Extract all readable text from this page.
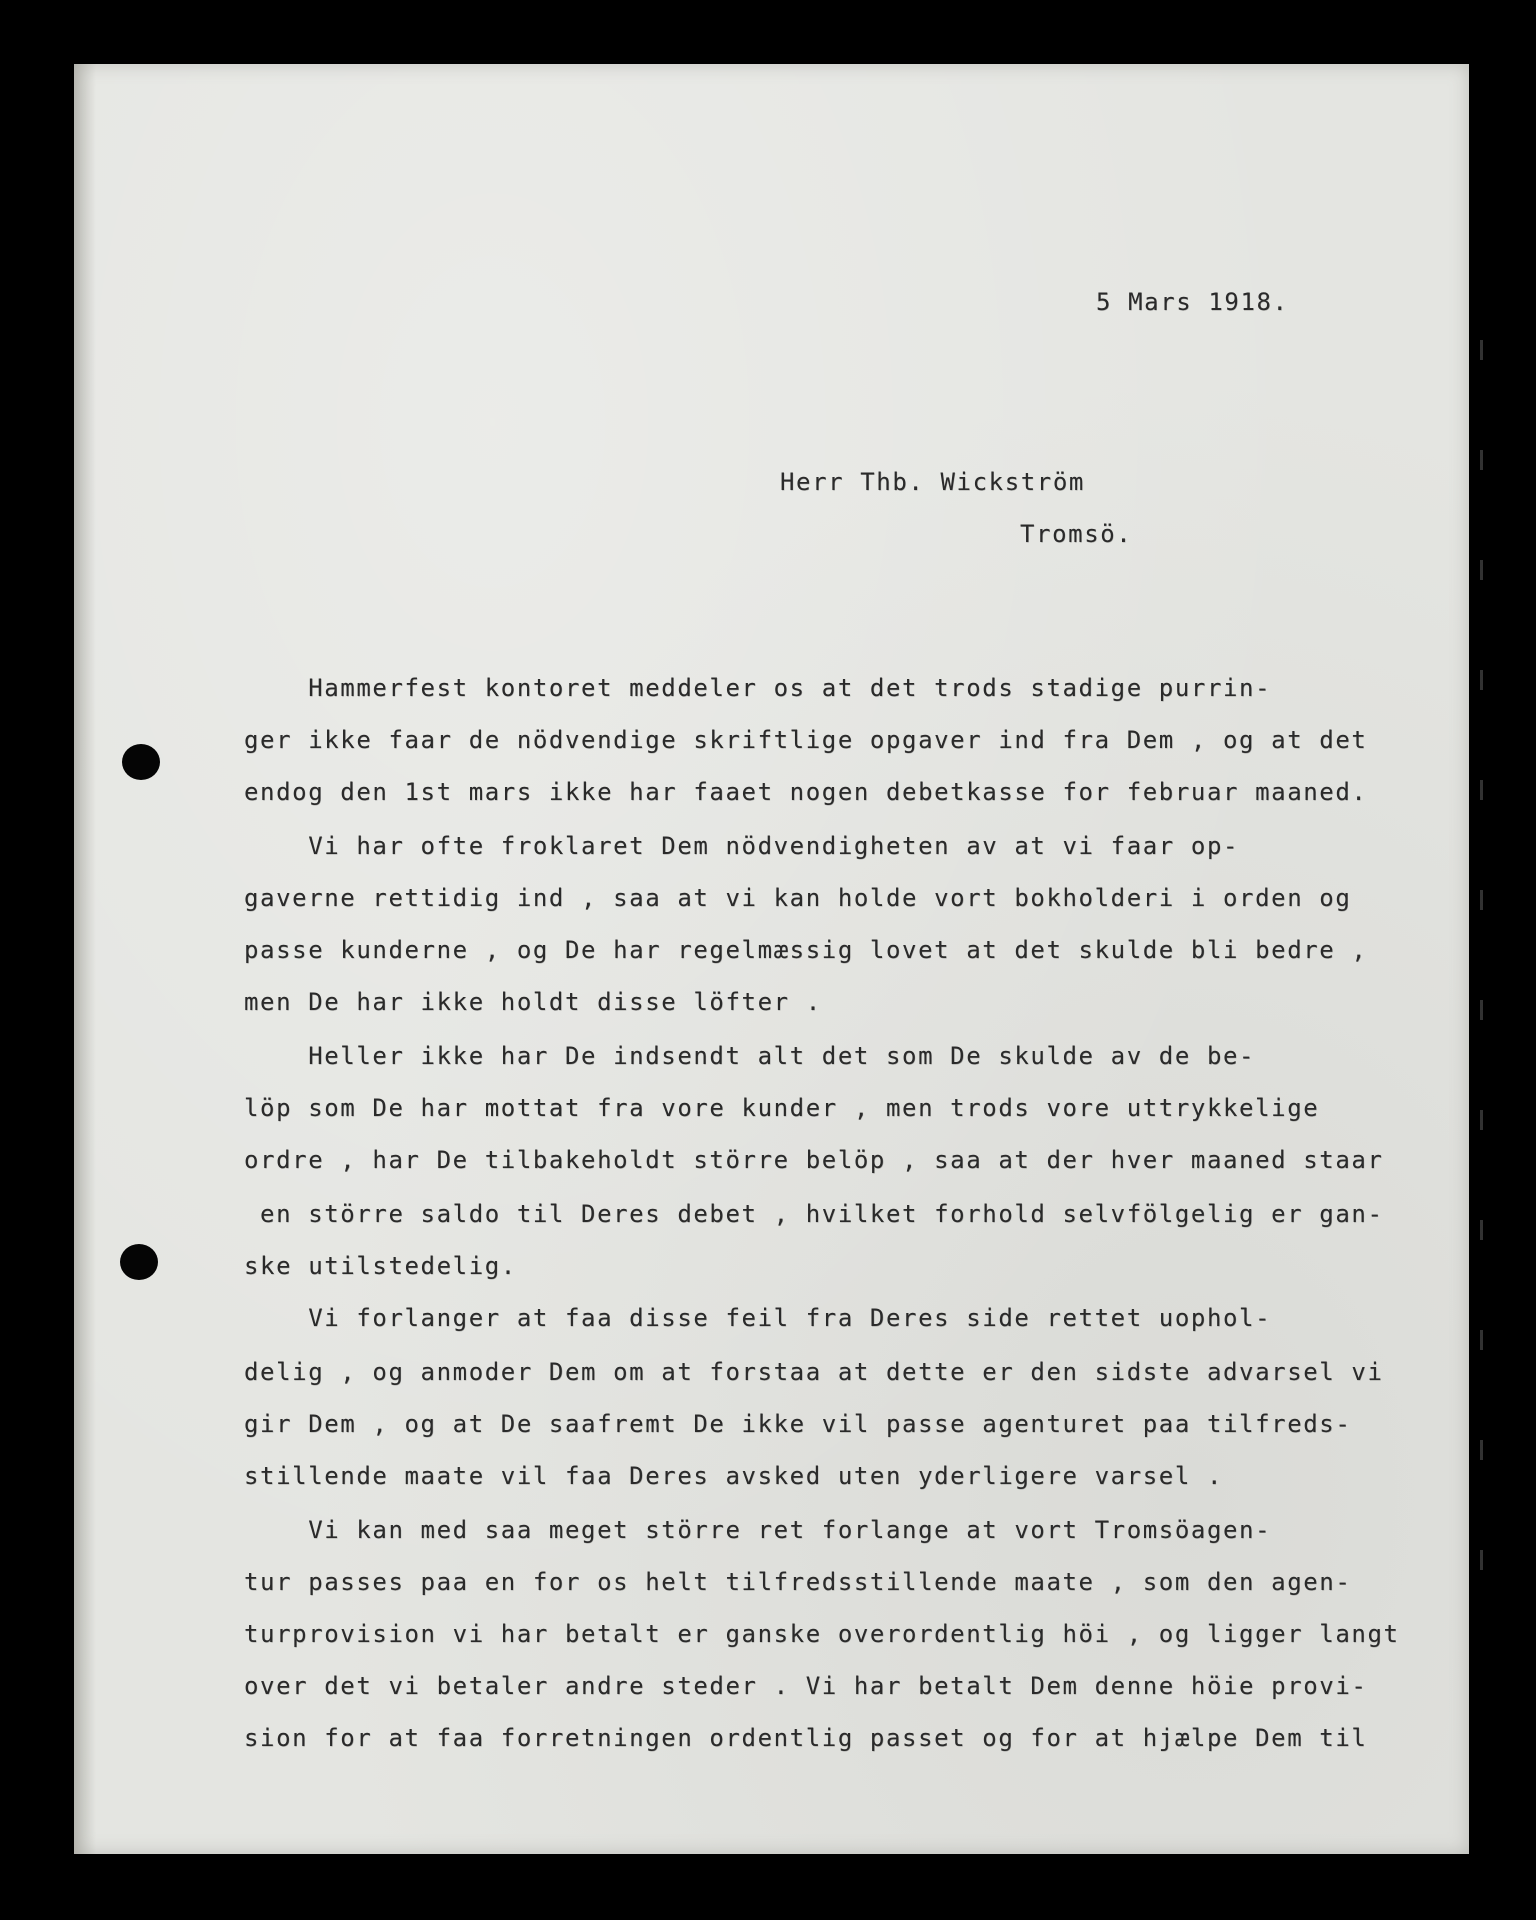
5 Mars 1918.
Herr Thb. Wickström
Tromsö.
Hammerfest kontoret meddeler os at det trods stadige purrin-
ger ikke faar de nödvendige skriftlige opgaver ind fra Dem , og at det
endog den 1st mars ikke har faaet nogen debetkasse for februar maaned.
Vi har ofte froklaret Dem nödvendigheten av at vi faar op-
gaverne rettidig ind , saa at vi kan holde vort bokholderi i orden og
passe kunderne , og De har regelmæssig lovet at det skulde bli bedre ,
men De har ikke holdt disse löfter .
Heller ikke har De indsendt alt det som De skulde av de be-
löp som De har mottat fra vore kunder , men trods vore uttrykkelige
ordre , har De tilbakeholdt större belöp , saa at der hver maaned staar
en större saldo til Deres debet , hvilket forhold selvfölgelig er gan-
ske utilstedelig.
Vi forlanger at faa disse feil fra Deres side rettet uophol-
delig , og anmoder Dem om at forstaa at dette er den sidste advarsel vi
gir Dem , og at De saafremt De ikke vil passe agenturet paa tilfreds-
stillende maate vil faa Deres avsked uten yderligere varsel .
Vi kan med saa meget större ret forlange at vort Tromsöagen-
tur passes paa en for os helt tilfredsstillende maate , som den agen-
turprovision vi har betalt er ganske overordentlig höi , og ligger langt
over det vi betaler andre steder . Vi har betalt Dem denne höie provi-
sion for at faa forretningen ordentlig passet og for at hjælpe Dem til
